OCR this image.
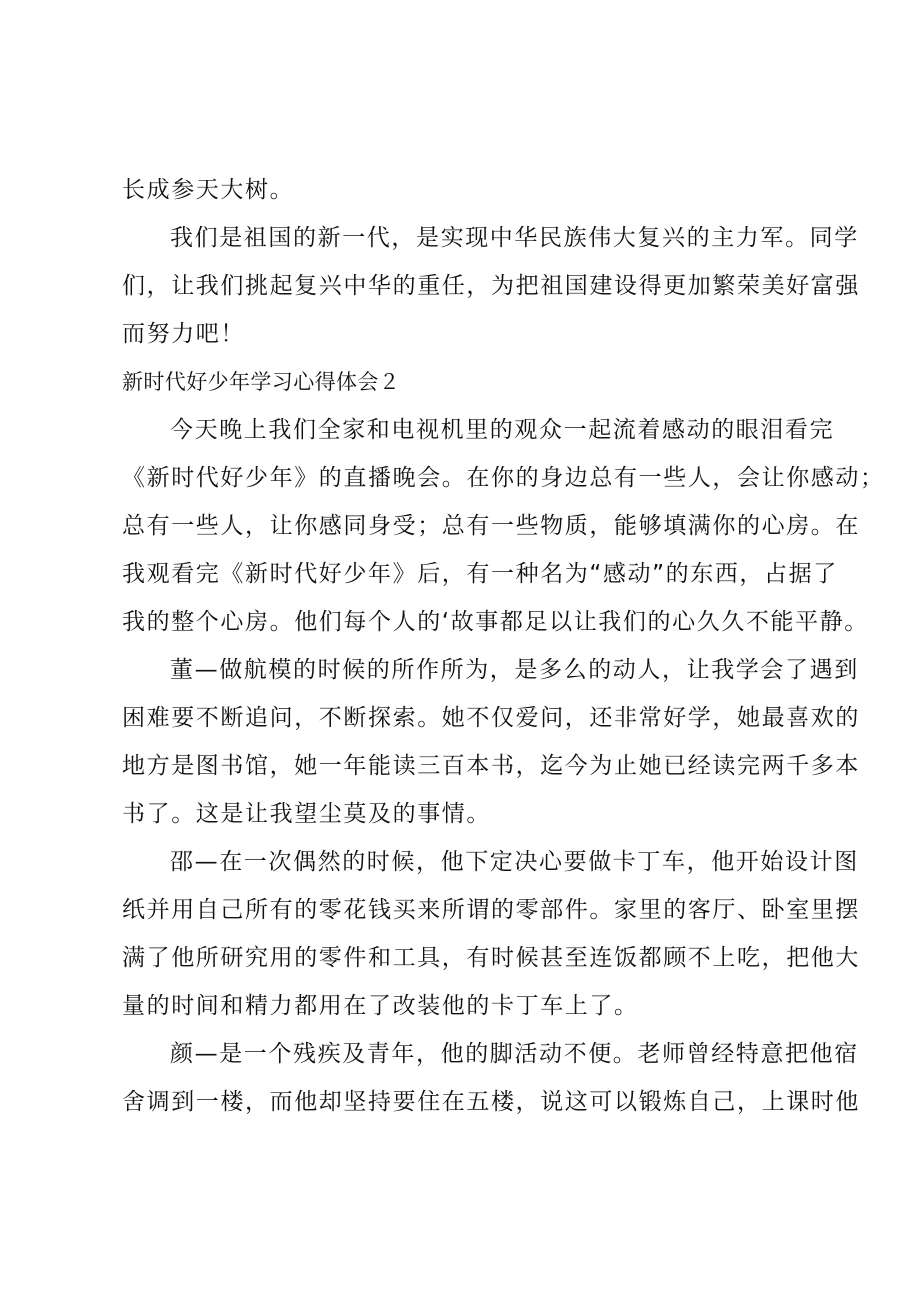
长成参天大树。
我们是祖国的新一代，是实现中华民族伟大复兴的主力军。同学
们，让我们挑起复兴中华的重任，为把祖国建设得更加繁荣美好富强
而努力吧！
新时代好少年学习心得体会２
今天晚上我们全家和电视机里的观众一起流着感动的眼泪看完
《新时代好少年》的直播晚会。在你的身边总有一些人，会让你感动；
总有一些人，让你感同身受；总有一些物质，能够填满你的心房。在
我观看完《新时代好少年》后，有一种名为“感动”的东西，占据了
我的整个心房。他们每个人的‘故事都足以让我们的心久久不能平静。
董—做航模的时候的所作所为，是多么的动人，让我学会了遇到
困难要不断追问，不断探索。她不仅爱问，还非常好学，她最喜欢的
地方是图书馆，她一年能读三百本书，迄今为止她已经读完两千多本
书了。这是让我望尘莫及的事情。
邵—在一次偶然的时候，他下定决心要做卡丁车，他开始设计图
纸并用自己所有的零花钱买来所谓的零部件。家里的客厅、卧室里摆
满了他所研究用的零件和工具，有时候甚至连饭都顾不上吃，把他大
量的时间和精力都用在了改装他的卡丁车上了。
颜—是一个残疾及青年，他的脚活动不便。老师曾经特意把他宿
舍调到一楼，而他却坚持要住在五楼，说这可以锻炼自己，上课时他
